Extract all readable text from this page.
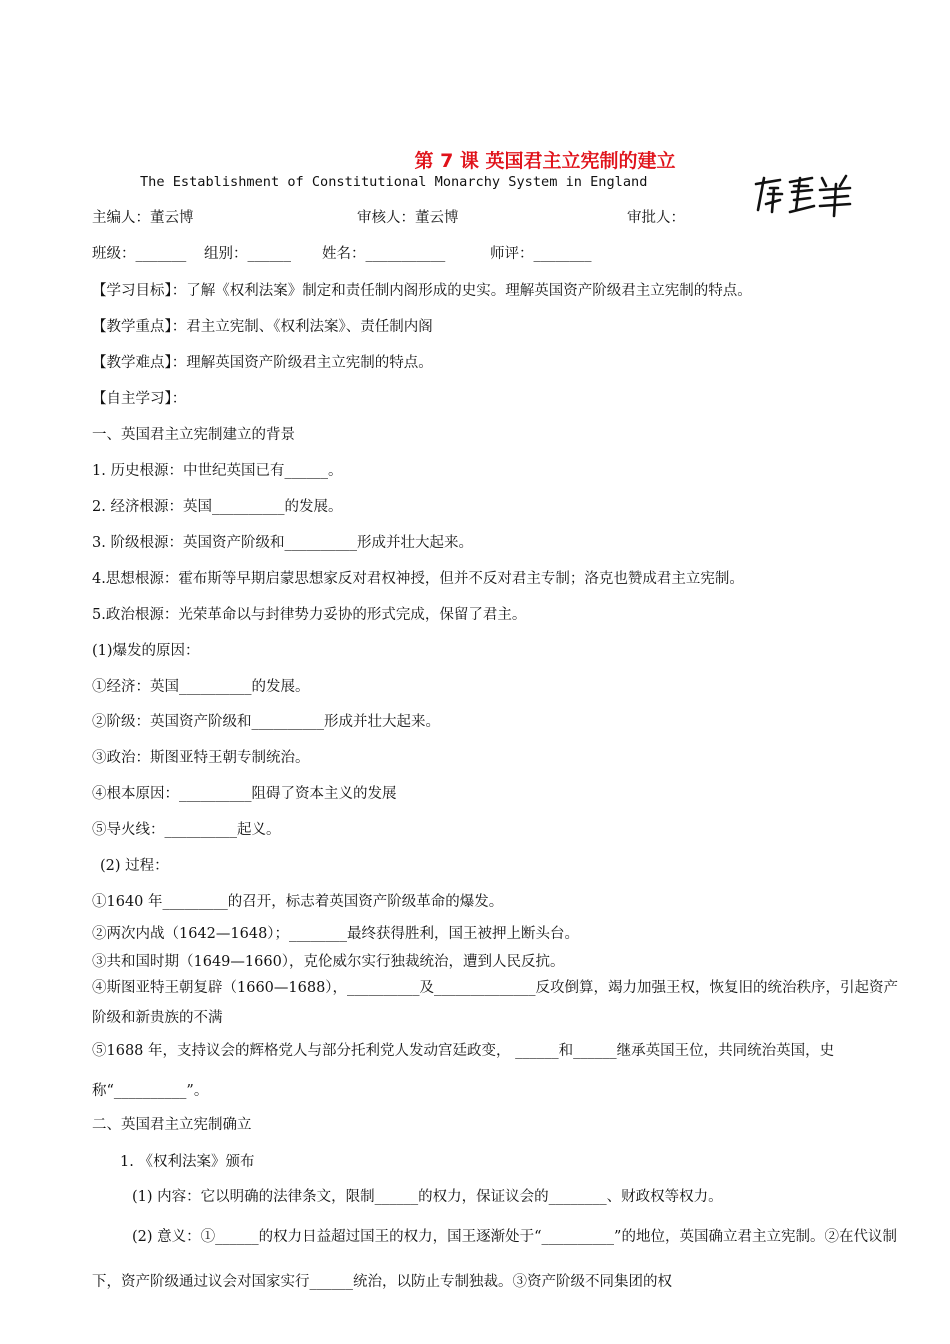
第 7 课 英国君主立宪制的建立
The Establishment of Constitutional Monarchy System in England
主编人：董云博	审核人：董云博	审批人：
班级：_______ 组别：______ 姓名：___________	师评：________
【学习目标】：了解《权利法案》制定和责任制内阁形成的史实。理解英国资产阶级君主立宪制的特点。
【教学重点】：君主立宪制、《权利法案》、责任制内阁
【教学难点】：理解英国资产阶级君主立宪制的特点。
【自主学习】：
一、英国君主立宪制建立的背景
1. 历史根源：中世纪英国已有______。
2. 经济根源：英国__________的发展。
3. 阶级根源：英国资产阶级和__________形成并壮大起来。
4.思想根源：霍布斯等早期启蒙思想家反对君权神授，但并不反对君主专制；洛克也赞成君主立宪制。
5.政治根源：光荣革命以与封律势力妥协的形式完成，保留了君主。
(1)爆发的原因：
①经济：英国__________的发展。
②阶级：英国资产阶级和__________形成并壮大起来。
③政治：斯图亚特王朝专制统治。
④根本原因：__________阻碍了资本主义的发展
⑤导火线：__________起义。
(2) 过程：
①1640 年_________的召开，标志着英国资产阶级革命的爆发。
②两次内战（1642—1648）；________最终获得胜利，国王被押上断头台。
③共和国时期（1649—1660），克伦威尔实行独裁统治，遭到人民反抗。
④斯图亚特王朝复辟（1660—1688），__________及______________反攻倒算，竭力加强王权，恢复旧的统治秩序，引起资产阶级和新贵族的不满
⑤1688 年，支持议会的辉格党人与部分托利党人发动宫廷政变， ______和______继承英国王位，共同统治英国，史称“__________”。
二、英国君主立宪制确立
1. 《权利法案》颁布
(1) 内容：它以明确的法律条文，限制______的权力，保证议会的________、财政权等权力。
(2) 意义：①______的权力日益超过国王的权力，国王逐渐处于“__________”的地位，英国确立君主立宪制。②在代议制下，资产阶级通过议会对国家实行______统治，以防止专制独裁。③资产阶级不同集团的权
